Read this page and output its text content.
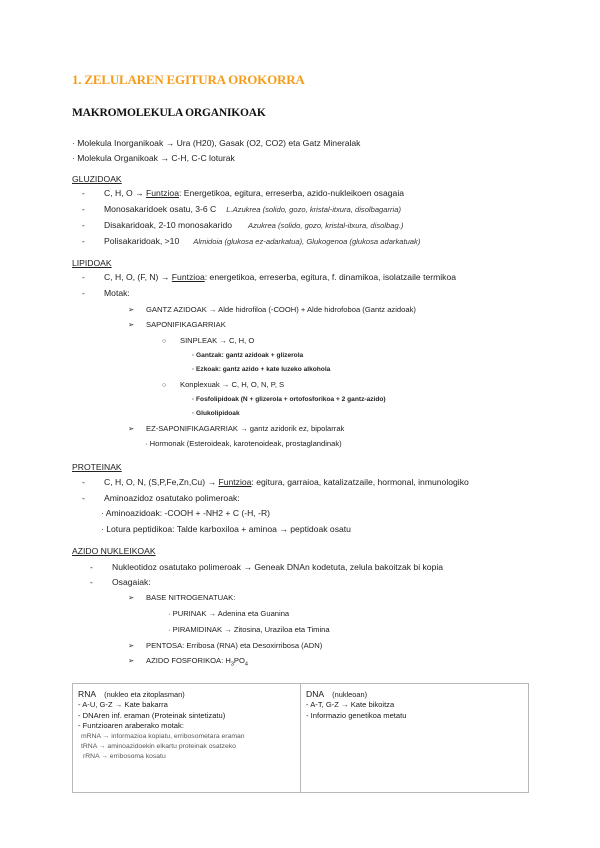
1. ZELULAREN EGITURA OROKORRA
MAKROMOLEKULA ORGANIKOAK
· Molekula Inorganikoak → Ura (H20), Gasak (O2, CO2) eta Gatz Mineralak
· Molekula Organikoak → C-H, C-C loturak
GLUZIDOAK
- C, H, O → Funtzioa: Energetikoa, egitura, erreserba, azido-nukleikoen osagaia
- Monosakaridoek osatu, 3-6 C L.Azukrea (solido, gozo, kristal-itxura, disolbagarria)
- Disakaridoak, 2-10 monosakarido Azukrea (solido, gozo, kristal-itxura, disolbag.)
- Polisakaridoak, >10 Almidoia (glukosa ez-adarkatua), Glukogenoa (glukosa adarkatuak)
LIPIDOAK
- C, H, O, (F, N) → Funtzioa: energetikoa, erreserba, egitura, f. dinamikoa, isolatzaile termikoa
- Motak:
➢ GANTZ AZIDOAK → Alde hidrofiloa (-COOH) + Alde hidrofoboa (Gantz azidoak)
➢ SAPONIFIKAGARRIAK
○ SINPLEAK → C, H, O
· Gantzak: gantz azidoak + glizerola
· Ezkoak: gantz azido + kate luzeko alkohola
○ Konplexuak → C, H, O, N, P, S
· Fosfolipidoak (N + glizerola + ortofosforikoa + 2 gantz-azido)
· Glukolipidoak
➢ EZ-SAPONIFIKAGARRIAK → gantz azidorik ez, bipolarrak
· Hormonak (Esteroideak, karotenoideak, prostaglandinak)
PROTEINAK
- C, H, O, N, (S,P,Fe,Zn,Cu) → Funtzioa: egitura, garraioa, katalizatzaile, hormonal, inmunologiko
- Aminoazidoz osatutako polimeroak:
· Aminoazidoak: -COOH + -NH2 + C (-H, -R)
· Lotura peptidikoa: Talde karboxiloa + aminoa → peptidoak osatu
AZIDO NUKLEIKOAK
- Nukleotidoz osatutako polimeroak → Geneak DNAn kodetuta, zelula bakoitzak bi kopia
- Osagaiak:
➢ BASE NITROGENATUAK:
· PURINAK → Adenina eta Guanina
· PIRAMIDINAK → Zitosina, Uraziloa eta Timina
➢ PENTOSA: Erribosa (RNA) eta Desoxirribosa (ADN)
➢ AZIDO FOSFORIKOA: $H_3PO_4$
RNA (nukleo eta zitoplasman)
- A-U, G-Z → Kate bakarra
- DNAren inf. eraman (Proteinak sintetizatu)
- Funtzioaren araberako motak:
mRNA → informazioa kopiatu, erribosometara eraman
tRNA → aminoazidoekin elkartu proteinak osatzeko
rRNA → erribosoma kosatu
DNA (nukleoan)
- A-T, G-Z → Kate bikoitza
- Informazio genetikoa metatu
